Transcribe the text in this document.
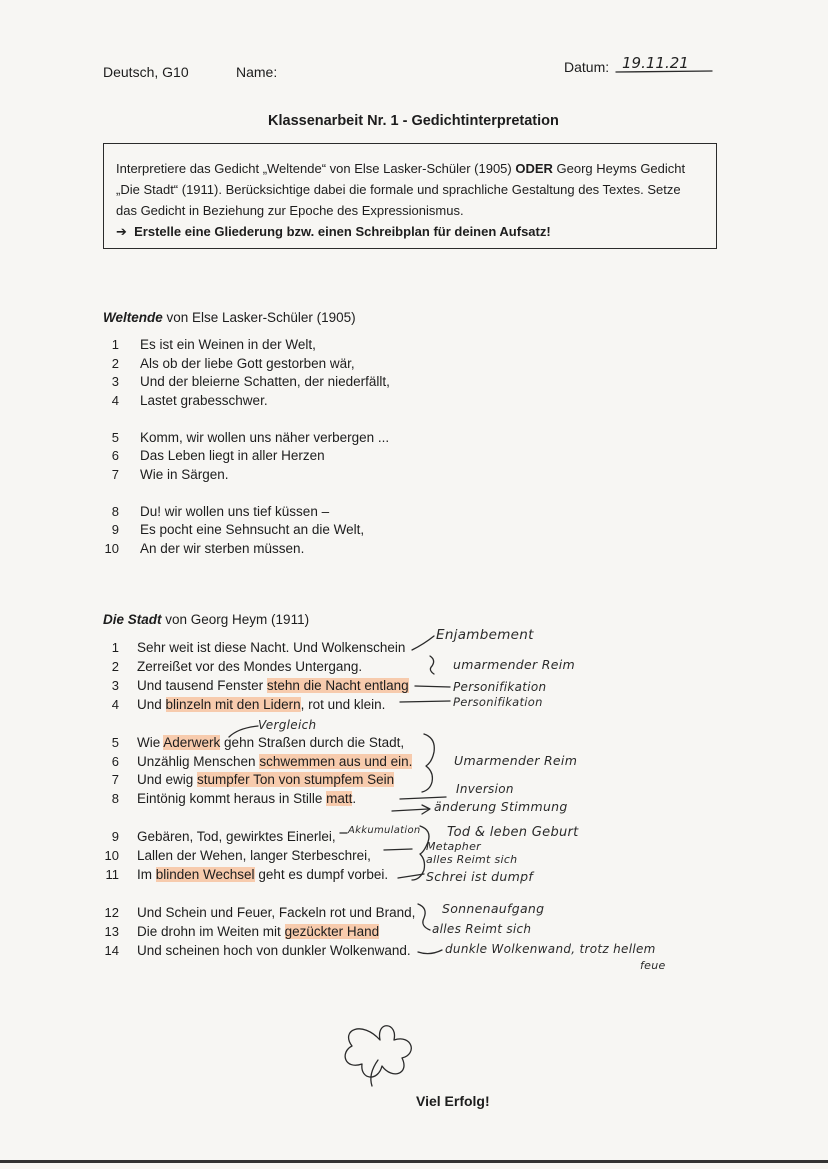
Deutsch, G10	Name:	Datum: 19.11.21
Klassenarbeit Nr. 1 - Gedichtinterpretation
Interpretiere das Gedicht „Weltende“ von Else Lasker-Schüler (1905) ODER Georg Heyms Gedicht
„Die Stadt“ (1911). Berücksichtige dabei die formale und sprachliche Gestaltung des Textes. Setze
das Gedicht in Beziehung zur Epoche des Expressionismus.
➔ Erstelle eine Gliederung bzw. einen Schreibplan für deinen Aufsatz!
Weltende von Else Lasker-Schüler (1905)
1 Es ist ein Weinen in der Welt,
2 Als ob der liebe Gott gestorben wär,
3 Und der bleierne Schatten, der niederfällt,
4 Lastet grabesschwer.
5 Komm, wir wollen uns näher verbergen ...
6 Das Leben liegt in aller Herzen
7 Wie in Särgen.
8 Du! wir wollen uns tief küssen –
9 Es pocht eine Sehnsucht an die Welt,
10 An der wir sterben müssen.
Die Stadt von Georg Heym (1911)
1 Sehr weit ist diese Nacht. Und Wolkenschein
2 Zerreißet vor des Mondes Untergang.
3 Und tausend Fenster stehn die Nacht entlang
4 Und blinzeln mit den Lidern, rot und klein.
5 Wie Aderwerk gehn Straßen durch die Stadt,
6 Unzählig Menschen schwemmen aus und ein.
7 Und ewig stumpfer Ton von stumpfem Sein
8 Eintönig kommt heraus in Stille matt.
9 Gebären, Tod, gewirktes Einerlei,
10 Lallen der Wehen, langer Sterbeschrei,
11 Im blinden Wechsel geht es dumpf vorbei.
12 Und Schein und Feuer, Fackeln rot und Brand,
13 Die drohn im Weiten mit gezückter Hand
14 Und scheinen hoch von dunkler Wolkenwand.
Enjambement
umarmender Reim
Personifikation
Personifikation
Vergleich
Umarmender Reim
Inversion
änderung Stimmung
Akkumulation Tod & leben Geburt
Metapher
alles Reimt sich
Schrei ist dumpf
Sonnenaufgang
alles Reimt sich
dunkle Wolkenwand, trotz hellem
feue
Viel Erfolg!
